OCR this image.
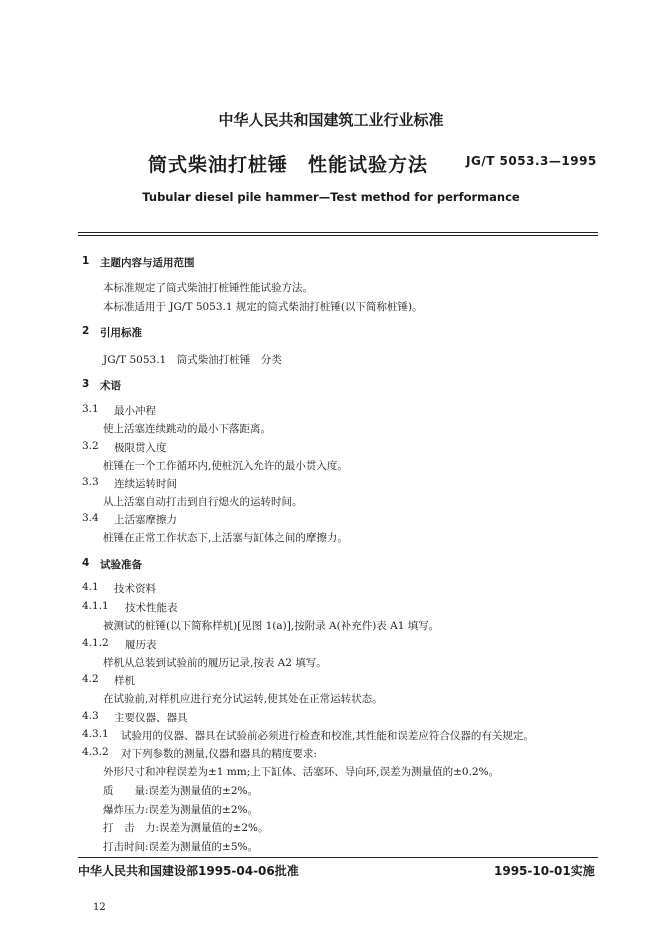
中华人民共和国建筑工业行业标准
筒式柴油打桩锤　性能试验方法	JG/T 5053.3—1995
Tubular diesel pile hammer—Test method for performance
1 主题内容与适用范围
本标准规定了筒式柴油打桩锤性能试验方法。
本标准适用于 JG/T 5053.1 规定的筒式柴油打桩锤(以下简称桩锤)。
2 引用标准
JG/T 5053.1　筒式柴油打桩锤　分类
3 术语
3.1 最小冲程
使上活塞连续跳动的最小下落距离。
3.2 极限贯入度
桩锤在一个工作循环内,使桩沉入允许的最小贯入度。
3.3 连续运转时间
从上活塞自动打击到自行熄火的运转时间。
3.4 上活塞摩擦力
桩锤在正常工作状态下,上活塞与缸体之间的摩擦力。
4 试验准备
4.1 技术资料
4.1.1 技术性能表
被测试的桩锤(以下简称样机)[见图 1(a)],按附录 A(补充件)表 A1 填写。
4.1.2 履历表
样机从总装到试验前的履历记录,按表 A2 填写。
4.2 样机
在试验前,对样机应进行充分试运转,使其处在正常运转状态。
4.3 主要仪器、器具
4.3.1 试验用的仪器、器具在试验前必须进行检查和校准,其性能和误差应符合仪器的有关规定。
4.3.2 对下列参数的测量,仪器和器具的精度要求:
外形尺寸和冲程误差为±1 mm;上下缸体、活塞环、导向环,误差为测量值的±0.2%。
质　　量:误差为测量值的±2%。
爆炸压力:误差为测量值的±2%。
打　击　力:误差为测量值的±2%。
打击时间:误差为测量值的±5%。
中华人民共和国建设部1995-04-06批准	1995-10-01实施
12
